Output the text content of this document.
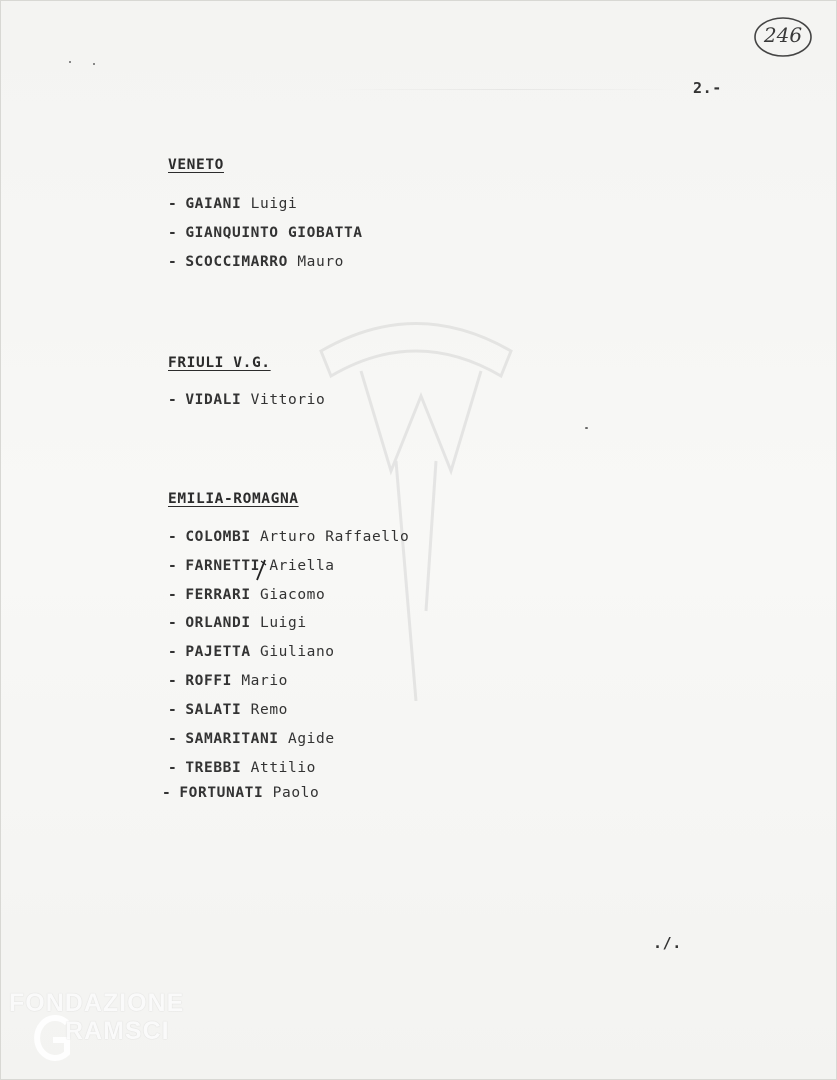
246
2.-
VENETO
- GAIANI Luigi
- GIANQUINTO GIOBATTA
- SCOCCIMARRO Mauro
FRIULI V.G.
- VIDALI Vittorio
EMILIA-ROMAGNA
- COLOMBI Arturo Raffaello
- FARNETTI Ariella
- FERRARI Giacomo
- ORLANDI Luigi
- PAJETTA Giuliano
- ROFFI Mario
- SALATI Remo
- SAMARITANI Agide
- TREBBI Attilio
- FORTUNATI Paolo
./.
FONDAZIONE
RAMSCI
